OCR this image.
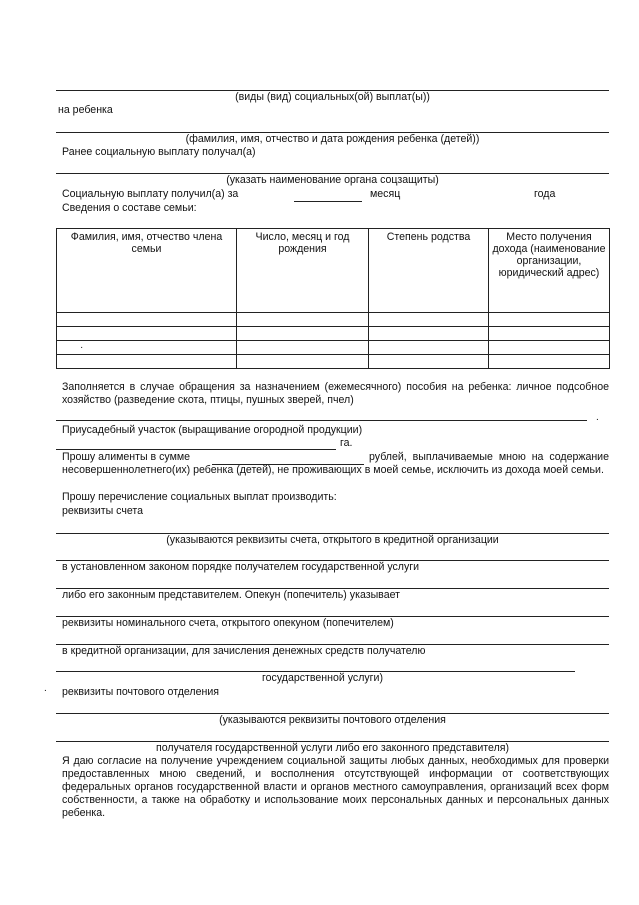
(виды (вид) социальных(ой) выплат(ы))
на ребенка
(фамилия, имя, отчество и дата рождения ребенка (детей))
Ранее социальную выплату получал(а)
(указать наименование органа соцзащиты)
Социальную выплату получил(а) за	месяц	года
Сведения о составе семьи:
Фамилия, имя, отчество члена семьи	Число, месяц и год рождения	Степень родства	Место получения дохода (наименование организации, юридический адрес)

·
Заполняется в случае обращения за назначением (ежемесячного) пособия на ребенка: личное подсобное хозяйство (разведение скота, птицы, пушных зверей, пчел)
.
Приусадебный участок (выращивание огородной продукции)
га.
Прошу алименты в сумме	рублей, выплачиваемые мною на содержание несовершеннолетнего(их) ребенка (детей), не проживающих в моей семье, исключить из дохода моей семьи.
Прошу перечисление социальных выплат производить:
реквизиты счета
(указываются реквизиты счета, открытого в кредитной организации
в установленном законом порядке получателем государственной услуги
либо его законным представителем. Опекун (попечитель) указывает
реквизиты номинального счета, открытого опекуном (попечителем)
в кредитной организации, для зачисления денежных средств получателю
государственной услуги)
. реквизиты почтового отделения
(указываются реквизиты почтового отделения
получателя государственной услуги либо его законного представителя)
Я даю согласие на получение учреждением социальной защиты любых данных, необходимых для проверки предоставленных мною сведений, и восполнения отсутствующей информации от соответствующих федеральных органов государственной власти и органов местного самоуправления, организаций всех форм собственности, а также на обработку и использование моих персональных данных и персональных данных ребенка.
